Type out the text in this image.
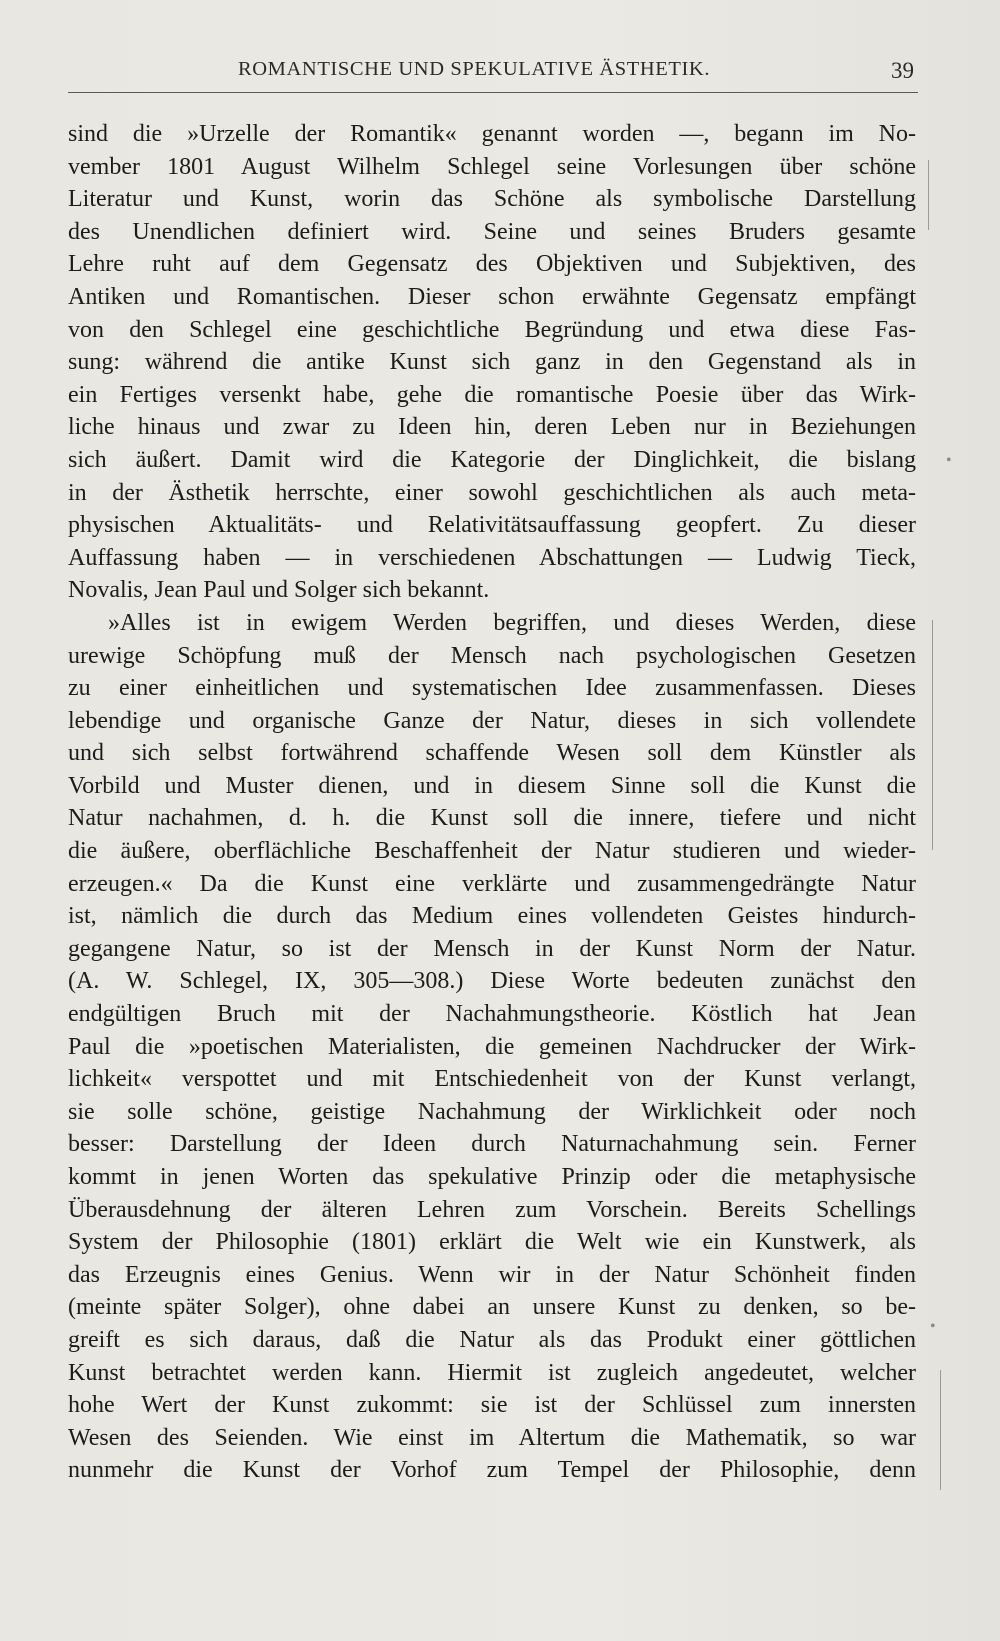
ROMANTISCHE UND SPEKULATIVE ÄSTHETIK.	39
sind die »Urzelle der Romantik« genannt worden —, begann im No-
vember 1801 August Wilhelm Schlegel seine Vorlesungen über schöne
Literatur und Kunst, worin das Schöne als symbolische Darstellung
des Unendlichen definiert wird. Seine und seines Bruders gesamte
Lehre ruht auf dem Gegensatz des Objektiven und Subjektiven, des
Antiken und Romantischen. Dieser schon erwähnte Gegensatz empfängt
von den Schlegel eine geschichtliche Begründung und etwa diese Fas-
sung: während die antike Kunst sich ganz in den Gegenstand als in
ein Fertiges versenkt habe, gehe die romantische Poesie über das Wirk-
liche hinaus und zwar zu Ideen hin, deren Leben nur in Beziehungen
sich äußert. Damit wird die Kategorie der Dinglichkeit, die bislang
in der Ästhetik herrschte, einer sowohl geschichtlichen als auch meta-
physischen Aktualitäts- und Relativitätsauffassung geopfert. Zu dieser
Auffassung haben — in verschiedenen Abschattungen — Ludwig Tieck,
Novalis, Jean Paul und Solger sich bekannt.
»Alles ist in ewigem Werden begriffen, und dieses Werden, diese
urewige Schöpfung muß der Mensch nach psychologischen Gesetzen
zu einer einheitlichen und systematischen Idee zusammenfassen. Dieses
lebendige und organische Ganze der Natur, dieses in sich vollendete
und sich selbst fortwährend schaffende Wesen soll dem Künstler als
Vorbild und Muster dienen, und in diesem Sinne soll die Kunst die
Natur nachahmen, d. h. die Kunst soll die innere, tiefere und nicht
die äußere, oberflächliche Beschaffenheit der Natur studieren und wieder-
erzeugen.« Da die Kunst eine verklärte und zusammengedrängte Natur
ist, nämlich die durch das Medium eines vollendeten Geistes hindurch-
gegangene Natur, so ist der Mensch in der Kunst Norm der Natur.
(A. W. Schlegel, IX, 305—308.) Diese Worte bedeuten zunächst den
endgültigen Bruch mit der Nachahmungstheorie. Köstlich hat Jean
Paul die »poetischen Materialisten, die gemeinen Nachdrucker der Wirk-
lichkeit« verspottet und mit Entschiedenheit von der Kunst verlangt,
sie solle schöne, geistige Nachahmung der Wirklichkeit oder noch
besser: Darstellung der Ideen durch Naturnachahmung sein. Ferner
kommt in jenen Worten das spekulative Prinzip oder die metaphysische
Überausdehnung der älteren Lehren zum Vorschein. Bereits Schellings
System der Philosophie (1801) erklärt die Welt wie ein Kunstwerk, als
das Erzeugnis eines Genius. Wenn wir in der Natur Schönheit finden
(meinte später Solger), ohne dabei an unsere Kunst zu denken, so be-
greift es sich daraus, daß die Natur als das Produkt einer göttlichen
Kunst betrachtet werden kann. Hiermit ist zugleich angedeutet, welcher
hohe Wert der Kunst zukommt: sie ist der Schlüssel zum innersten
Wesen des Seienden. Wie einst im Altertum die Mathematik, so war
nunmehr die Kunst der Vorhof zum Tempel der Philosophie, denn
•
•
